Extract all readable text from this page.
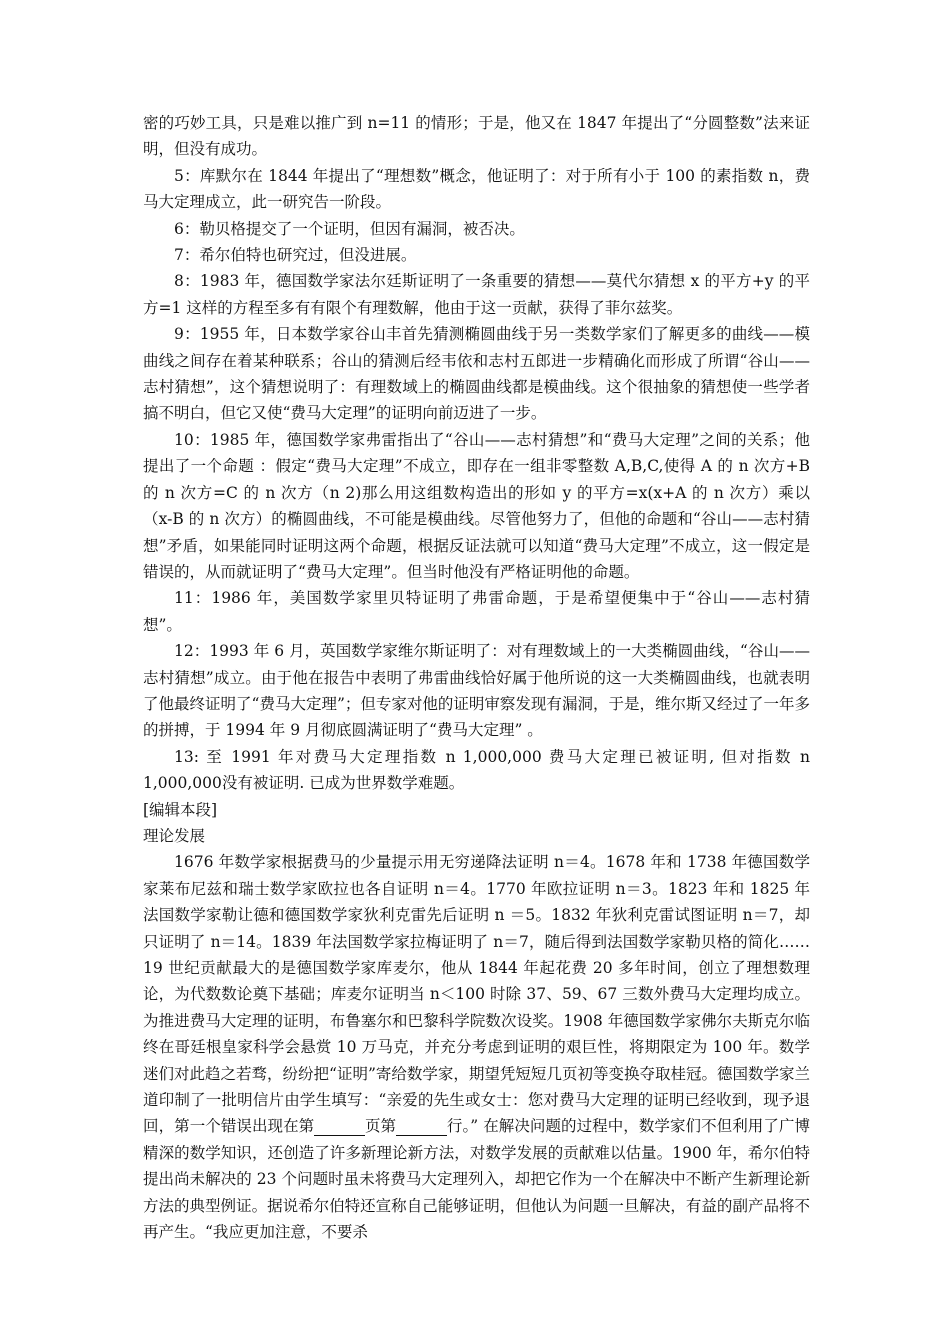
密的巧妙工具，只是难以推广到 n=11 的情形；于是，他又在 1847 年提出了“分圆整数”法来证明，但没有成功。

5：库默尔在 1844 年提出了“理想数”概念，他证明了：对于所有小于 100 的素指数 n，费马大定理成立，此一研究告一阶段。

6：勒贝格提交了一个证明，但因有漏洞，被否决。

7：希尔伯特也研究过，但没进展。

8：1983 年，德国数学家法尔廷斯证明了一条重要的猜想——莫代尔猜想 x 的平方+y 的平方=1 这样的方程至多有有限个有理数解，他由于这一贡献，获得了菲尔兹奖。

9：1955 年，日本数学家谷山丰首先猜测椭圆曲线于另一类数学家们了解更多的曲线——模曲线之间存在着某种联系；谷山的猜测后经韦依和志村五郎进一步精确化而形成了所谓“谷山——志村猜想”，这个猜想说明了：有理数域上的椭圆曲线都是模曲线。这个很抽象的猜想使一些学者搞不明白，但它又使“费马大定理”的证明向前迈进了一步。

10：1985 年，德国数学家弗雷指出了“谷山——志村猜想”和“费马大定理”之间的关系；他提出了一个命题 ：假定“费马大定理”不成立，即存在一组非零整数 A,B,C,使得 A 的 n 次方+B 的 n 次方=C 的 n 次方（n 2)那么用这组数构造出的形如 y 的平方=x(x+A 的 n 次方）乘以（x-B 的 n 次方）的椭圆曲线，不可能是模曲线。尽管他努力了，但他的命题和“谷山——志村猜想”矛盾，如果能同时证明这两个命题，根据反证法就可以知道“费马大定理”不成立，这一假定是错误的，从而就证明了“费马大定理”。但当时他没有严格证明他的命题。

11：1986 年，美国数学家里贝特证明了弗雷命题，于是希望便集中于“谷山——志村猜想”。

12：1993 年 6 月，英国数学家维尔斯证明了：对有理数域上的一大类椭圆曲线，“谷山——志村猜想”成立。由于他在报告中表明了弗雷曲线恰好属于他所说的这一大类椭圆曲线，也就表明了他最终证明了“费马大定理”；但专家对他的证明审察发现有漏洞，于是，维尔斯又经过了一年多的拼搏，于 1994 年 9 月彻底圆满证明了“费马大定理” 。

13: 至 1991 年对费马大定理指数 n 1,000,000 费马大定理已被证明, 但对指数 n 1,000,000没有被证明. 已成为世界数学难题。

[编辑本段]

理论发展

1676 年数学家根据费马的少量提示用无穷递降法证明 n＝4。1678 年和 1738 年德国数学家莱布尼兹和瑞士数学家欧拉也各自证明 n＝4。1770 年欧拉证明 n＝3。1823 年和 1825 年法国数学家勒让德和德国数学家狄利克雷先后证明 n ＝5。1832 年狄利克雷试图证明 n＝7，却只证明了 n＝14。1839 年法国数学家拉梅证明了 n＝7，随后得到法国数学家勒贝格的简化……19 世纪贡献最大的是德国数学家库麦尔，他从 1844 年起花费 20 多年时间，创立了理想数理论，为代数数论奠下基础；库麦尔证明当 n＜100 时除 37、59、67 三数外费马大定理均成立。 为推进费马大定理的证明，布鲁塞尔和巴黎科学院数次设奖。1908 年德国数学家佛尔夫斯克尔临终在哥廷根皇家科学会悬赏 10 万马克，并充分考虑到证明的艰巨性，将期限定为 100 年。数学迷们对此趋之若骛，纷纷把“证明”寄给数学家，期望凭短短几页初等变换夺取桂冠。德国数学家兰道印制了一批明信片由学生填写：“亲爱的先生或女士：您对费马大定理的证明已经收到，现予退回，第一个错误出现在第	页第	行。” 在解决问题的过程中，数学家们不但利用了广博精深的数学知识，还创造了许多新理论新方法，对数学发展的贡献难以估量。1900 年，希尔伯特提出尚未解决的 23 个问题时虽未将费马大定理列入，却把它作为一个在解决中不断产生新理论新方法的典型例证。据说希尔伯特还宣称自己能够证明，但他认为问题一旦解决，有益的副产品将不再产生。“我应更加注意，不要杀
